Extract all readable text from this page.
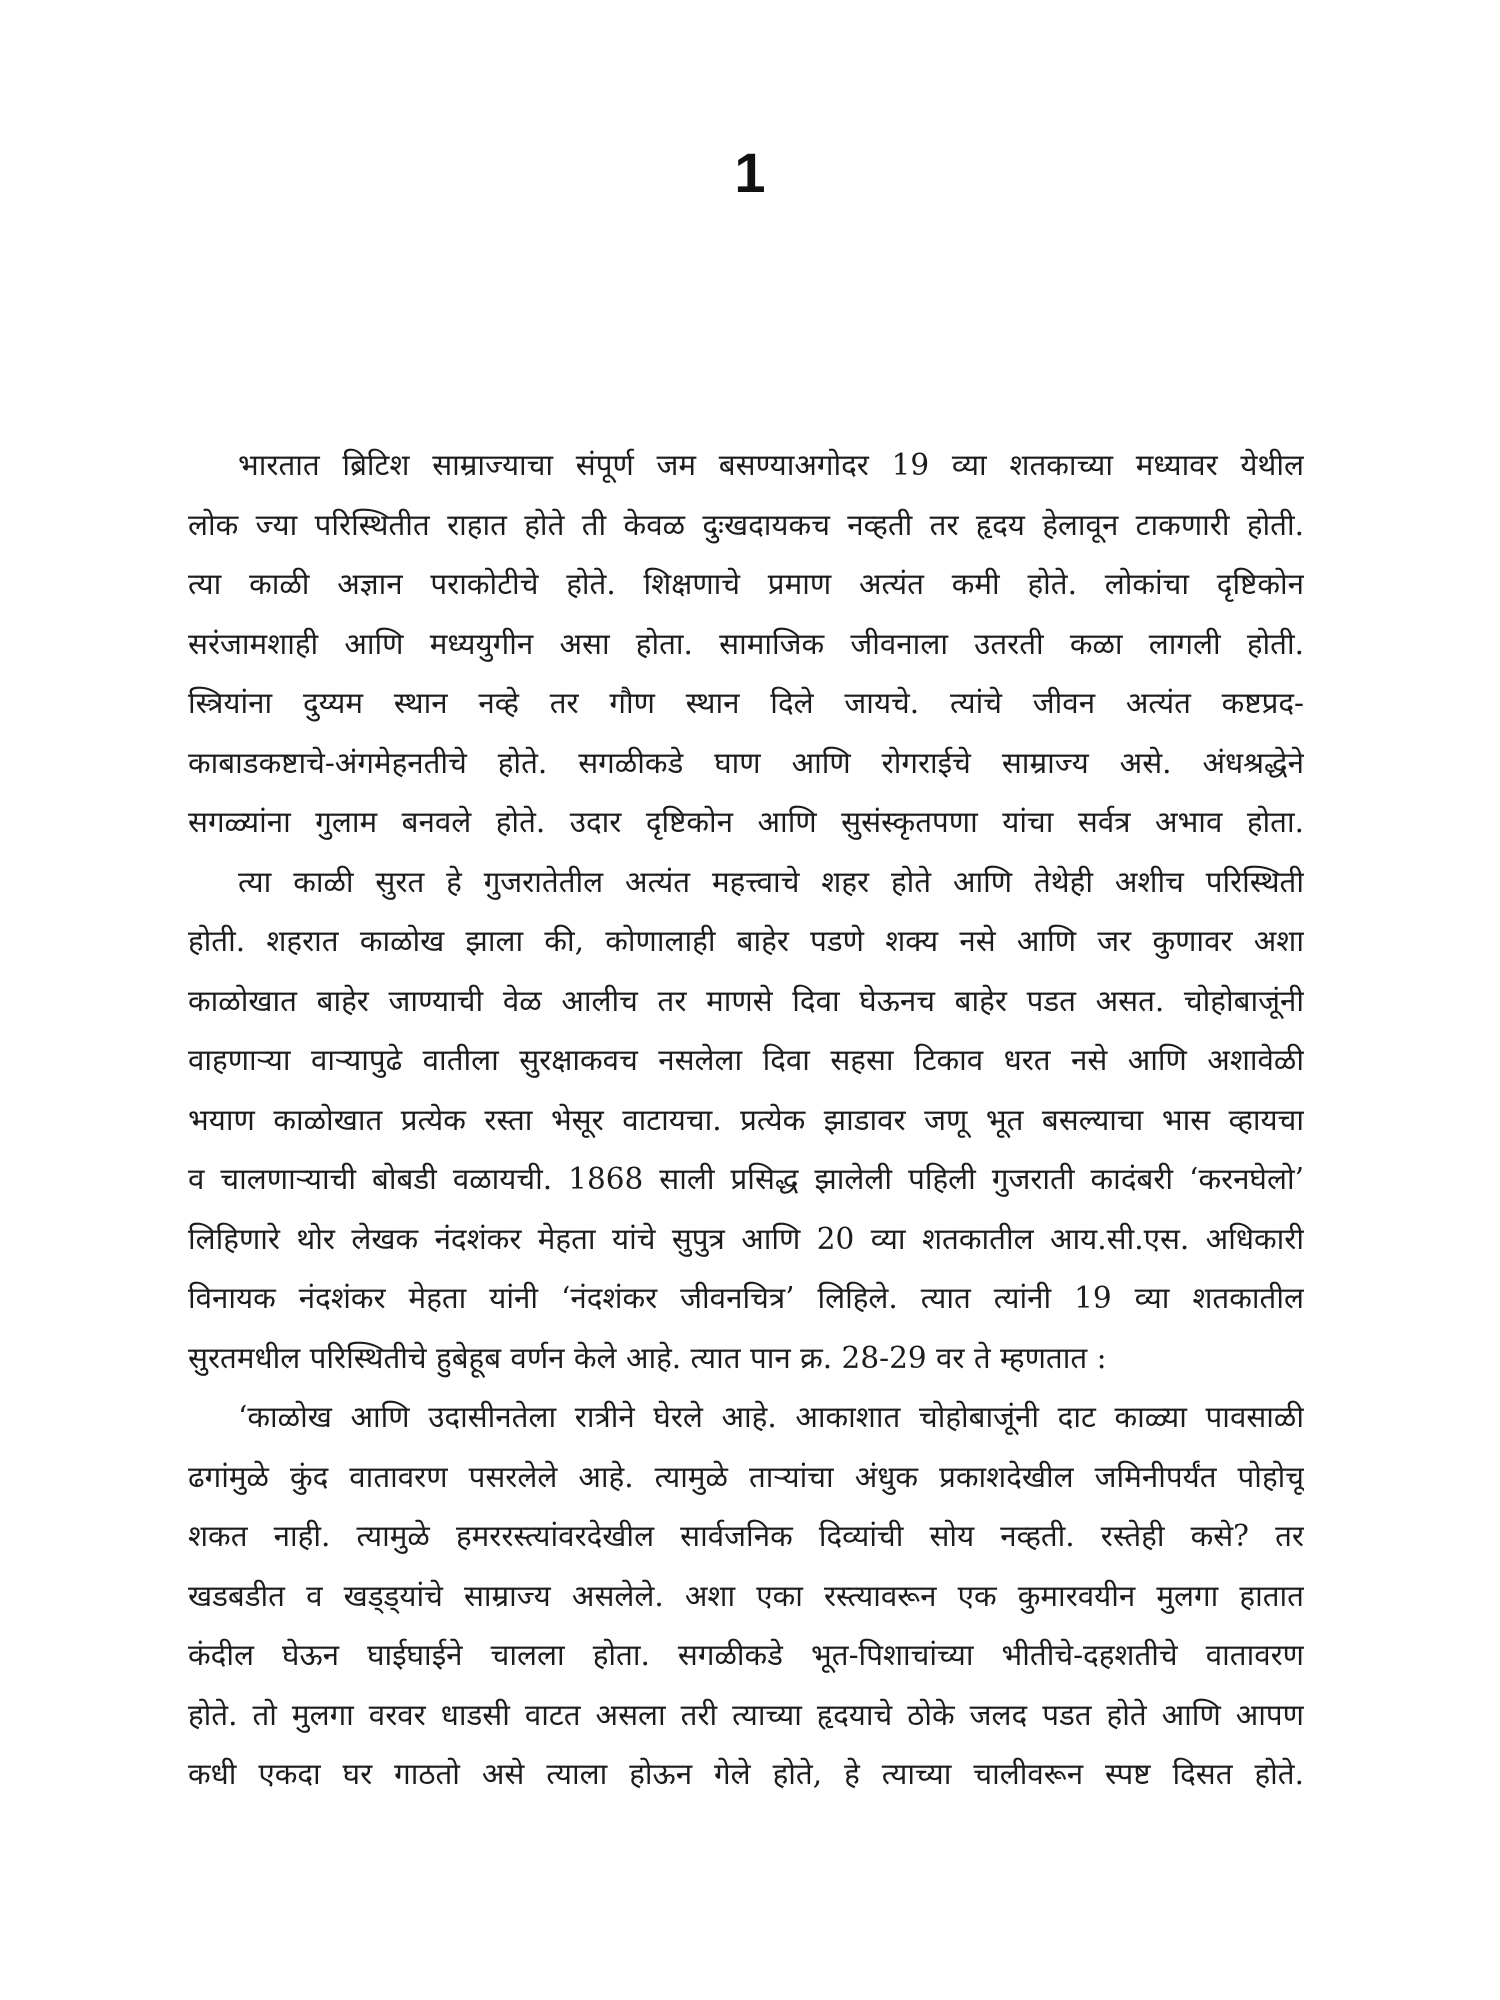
1

भारतात ब्रिटिश साम्राज्याचा संपूर्ण जम बसण्याअगोदर 19 व्या शतकाच्या मध्यावर येथील
लोक ज्या परिस्थितीत राहात होते ती केवळ दुःखदायकच नव्हती तर हृदय हेलावून टाकणारी होती.
त्या काळी अज्ञान पराकोटीचे होते. शिक्षणाचे प्रमाण अत्यंत कमी होते. लोकांचा दृष्टिकोन
सरंजामशाही आणि मध्ययुगीन असा होता. सामाजिक जीवनाला उतरती कळा लागली होती.
स्त्रियांना दुय्यम स्थान नव्हे तर गौण स्थान दिले जायचे. त्यांचे जीवन अत्यंत कष्टप्रद-
काबाडकष्टाचे-अंगमेहनतीचे होते. सगळीकडे घाण आणि रोगराईचे साम्राज्य असे. अंधश्रद्धेने
सगळ्यांना गुलाम बनवले होते. उदार दृष्टिकोन आणि सुसंस्कृतपणा यांचा सर्वत्र अभाव होता.

त्या काळी सुरत हे गुजरातेतील अत्यंत महत्त्वाचे शहर होते आणि तेथेही अशीच परिस्थिती
होती. शहरात काळोख झाला की, कोणालाही बाहेर पडणे शक्य नसे आणि जर कुणावर अशा
काळोखात बाहेर जाण्याची वेळ आलीच तर माणसे दिवा घेऊनच बाहेर पडत असत. चोहोबाजूंनी
वाहणाऱ्या वाऱ्यापुढे वातीला सुरक्षाकवच नसलेला दिवा सहसा टिकाव धरत नसे आणि अशावेळी
भयाण काळोखात प्रत्येक रस्ता भेसूर वाटायचा. प्रत्येक झाडावर जणू भूत बसल्याचा भास व्हायचा
व चालणाऱ्याची बोबडी वळायची. 1868 साली प्रसिद्ध झालेली पहिली गुजराती कादंबरी ‘करनघेलो’
लिहिणारे थोर लेखक नंदशंकर मेहता यांचे सुपुत्र आणि 20 व्या शतकातील आय.सी.एस. अधिकारी
विनायक नंदशंकर मेहता यांनी ‘नंदशंकर जीवनचित्र’ लिहिले. त्यात त्यांनी 19 व्या शतकातील
सुरतमधील परिस्थितीचे हुबेहूब वर्णन केले आहे. त्यात पान क्र. 28-29 वर ते म्हणतात :

‘काळोख आणि उदासीनतेला रात्रीने घेरले आहे. आकाशात चोहोबाजूंनी दाट काळ्या पावसाळी
ढगांमुळे कुंद वातावरण पसरलेले आहे. त्यामुळे ताऱ्यांचा अंधुक प्रकाशदेखील जमिनीपर्यंत पोहोचू
शकत नाही. त्यामुळे हमररस्त्यांवरदेखील सार्वजनिक दिव्यांची सोय नव्हती. रस्तेही कसे? तर
खडबडीत व खड्ड्यांचे साम्राज्य असलेले. अशा एका रस्त्यावरून एक कुमारवयीन मुलगा हातात
कंदील घेऊन घाईघाईने चालला होता. सगळीकडे भूत-पिशाचांच्या भीतीचे-दहशतीचे वातावरण
होते. तो मुलगा वरवर धाडसी वाटत असला तरी त्याच्या हृदयाचे ठोके जलद पडत होते आणि आपण
कधी एकदा घर गाठतो असे त्याला होऊन गेले होते, हे त्याच्या चालीवरून स्पष्ट दिसत होते.
